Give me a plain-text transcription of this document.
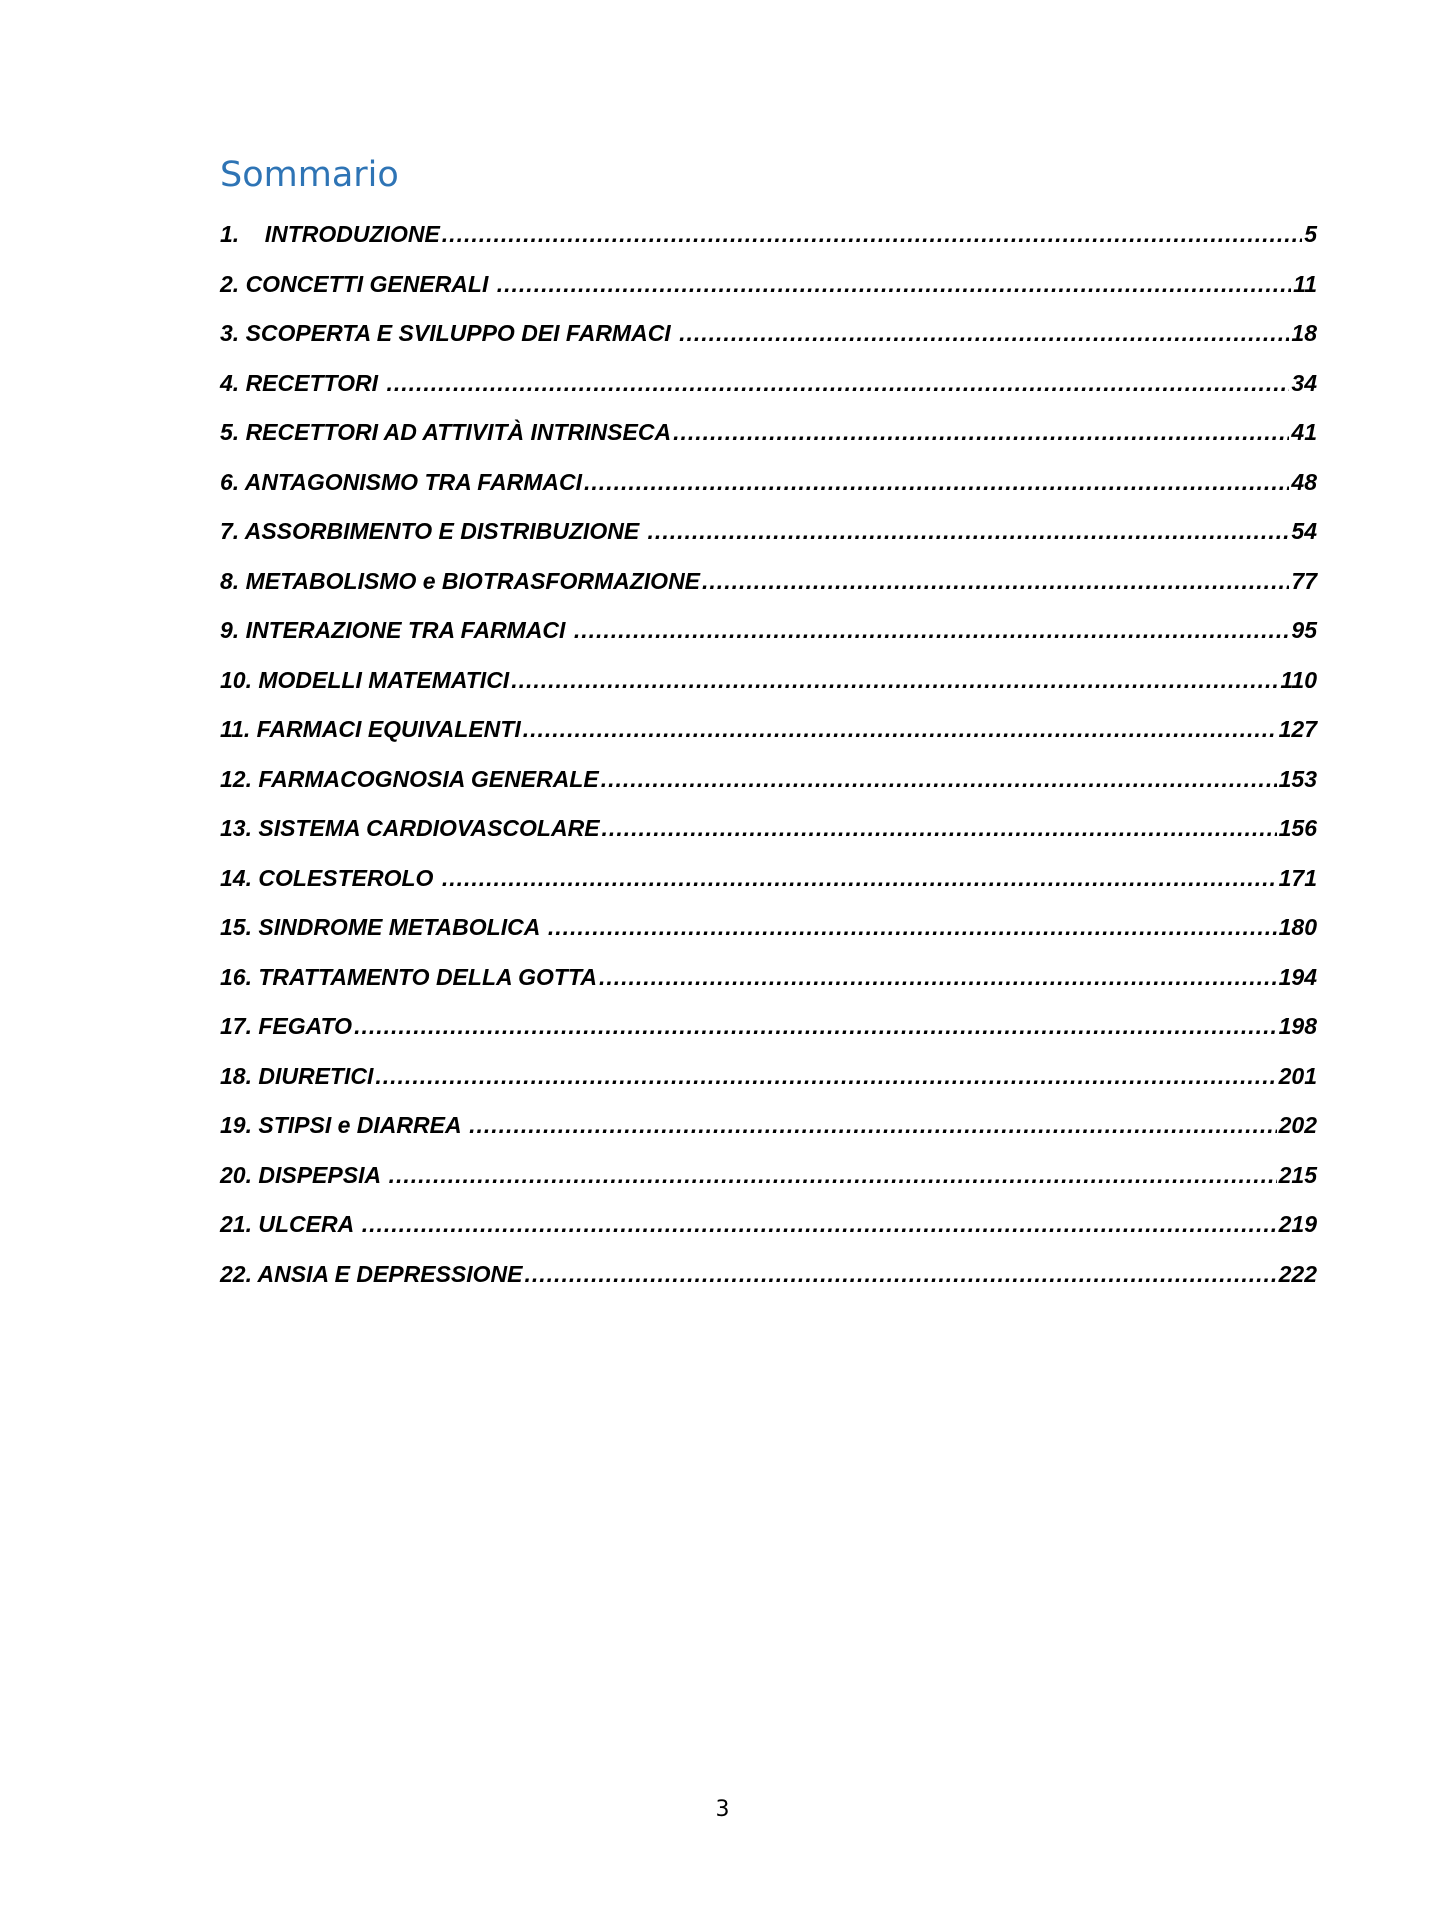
Sommario
1.    INTRODUZIONE .....	5
2. CONCETTI GENERALI .....	11
3. SCOPERTA E SVILUPPO DEI FARMACI .....	18
4. RECETTORI .....	34
5. RECETTORI AD ATTIVITÀ INTRINSECA .....	41
6. ANTAGONISMO TRA FARMACI .....	48
7. ASSORBIMENTO E DISTRIBUZIONE .....	54
8. METABOLISMO e BIOTRASFORMAZIONE .....	77
9. INTERAZIONE TRA FARMACI .....	95
10. MODELLI MATEMATICI .....	110
11. FARMACI EQUIVALENTI .....	127
12. FARMACOGNOSIA GENERALE .....	153
13. SISTEMA CARDIOVASCOLARE .....	156
14. COLESTEROLO .....	171
15. SINDROME METABOLICA .....	180
16. TRATTAMENTO DELLA GOTTA .....	194
17. FEGATO .....	198
18. DIURETICI .....	201
19. STIPSI e DIARREA .....	202
20. DISPEPSIA .....	215
21. ULCERA .....	219
22. ANSIA E DEPRESSIONE .....	222
3
